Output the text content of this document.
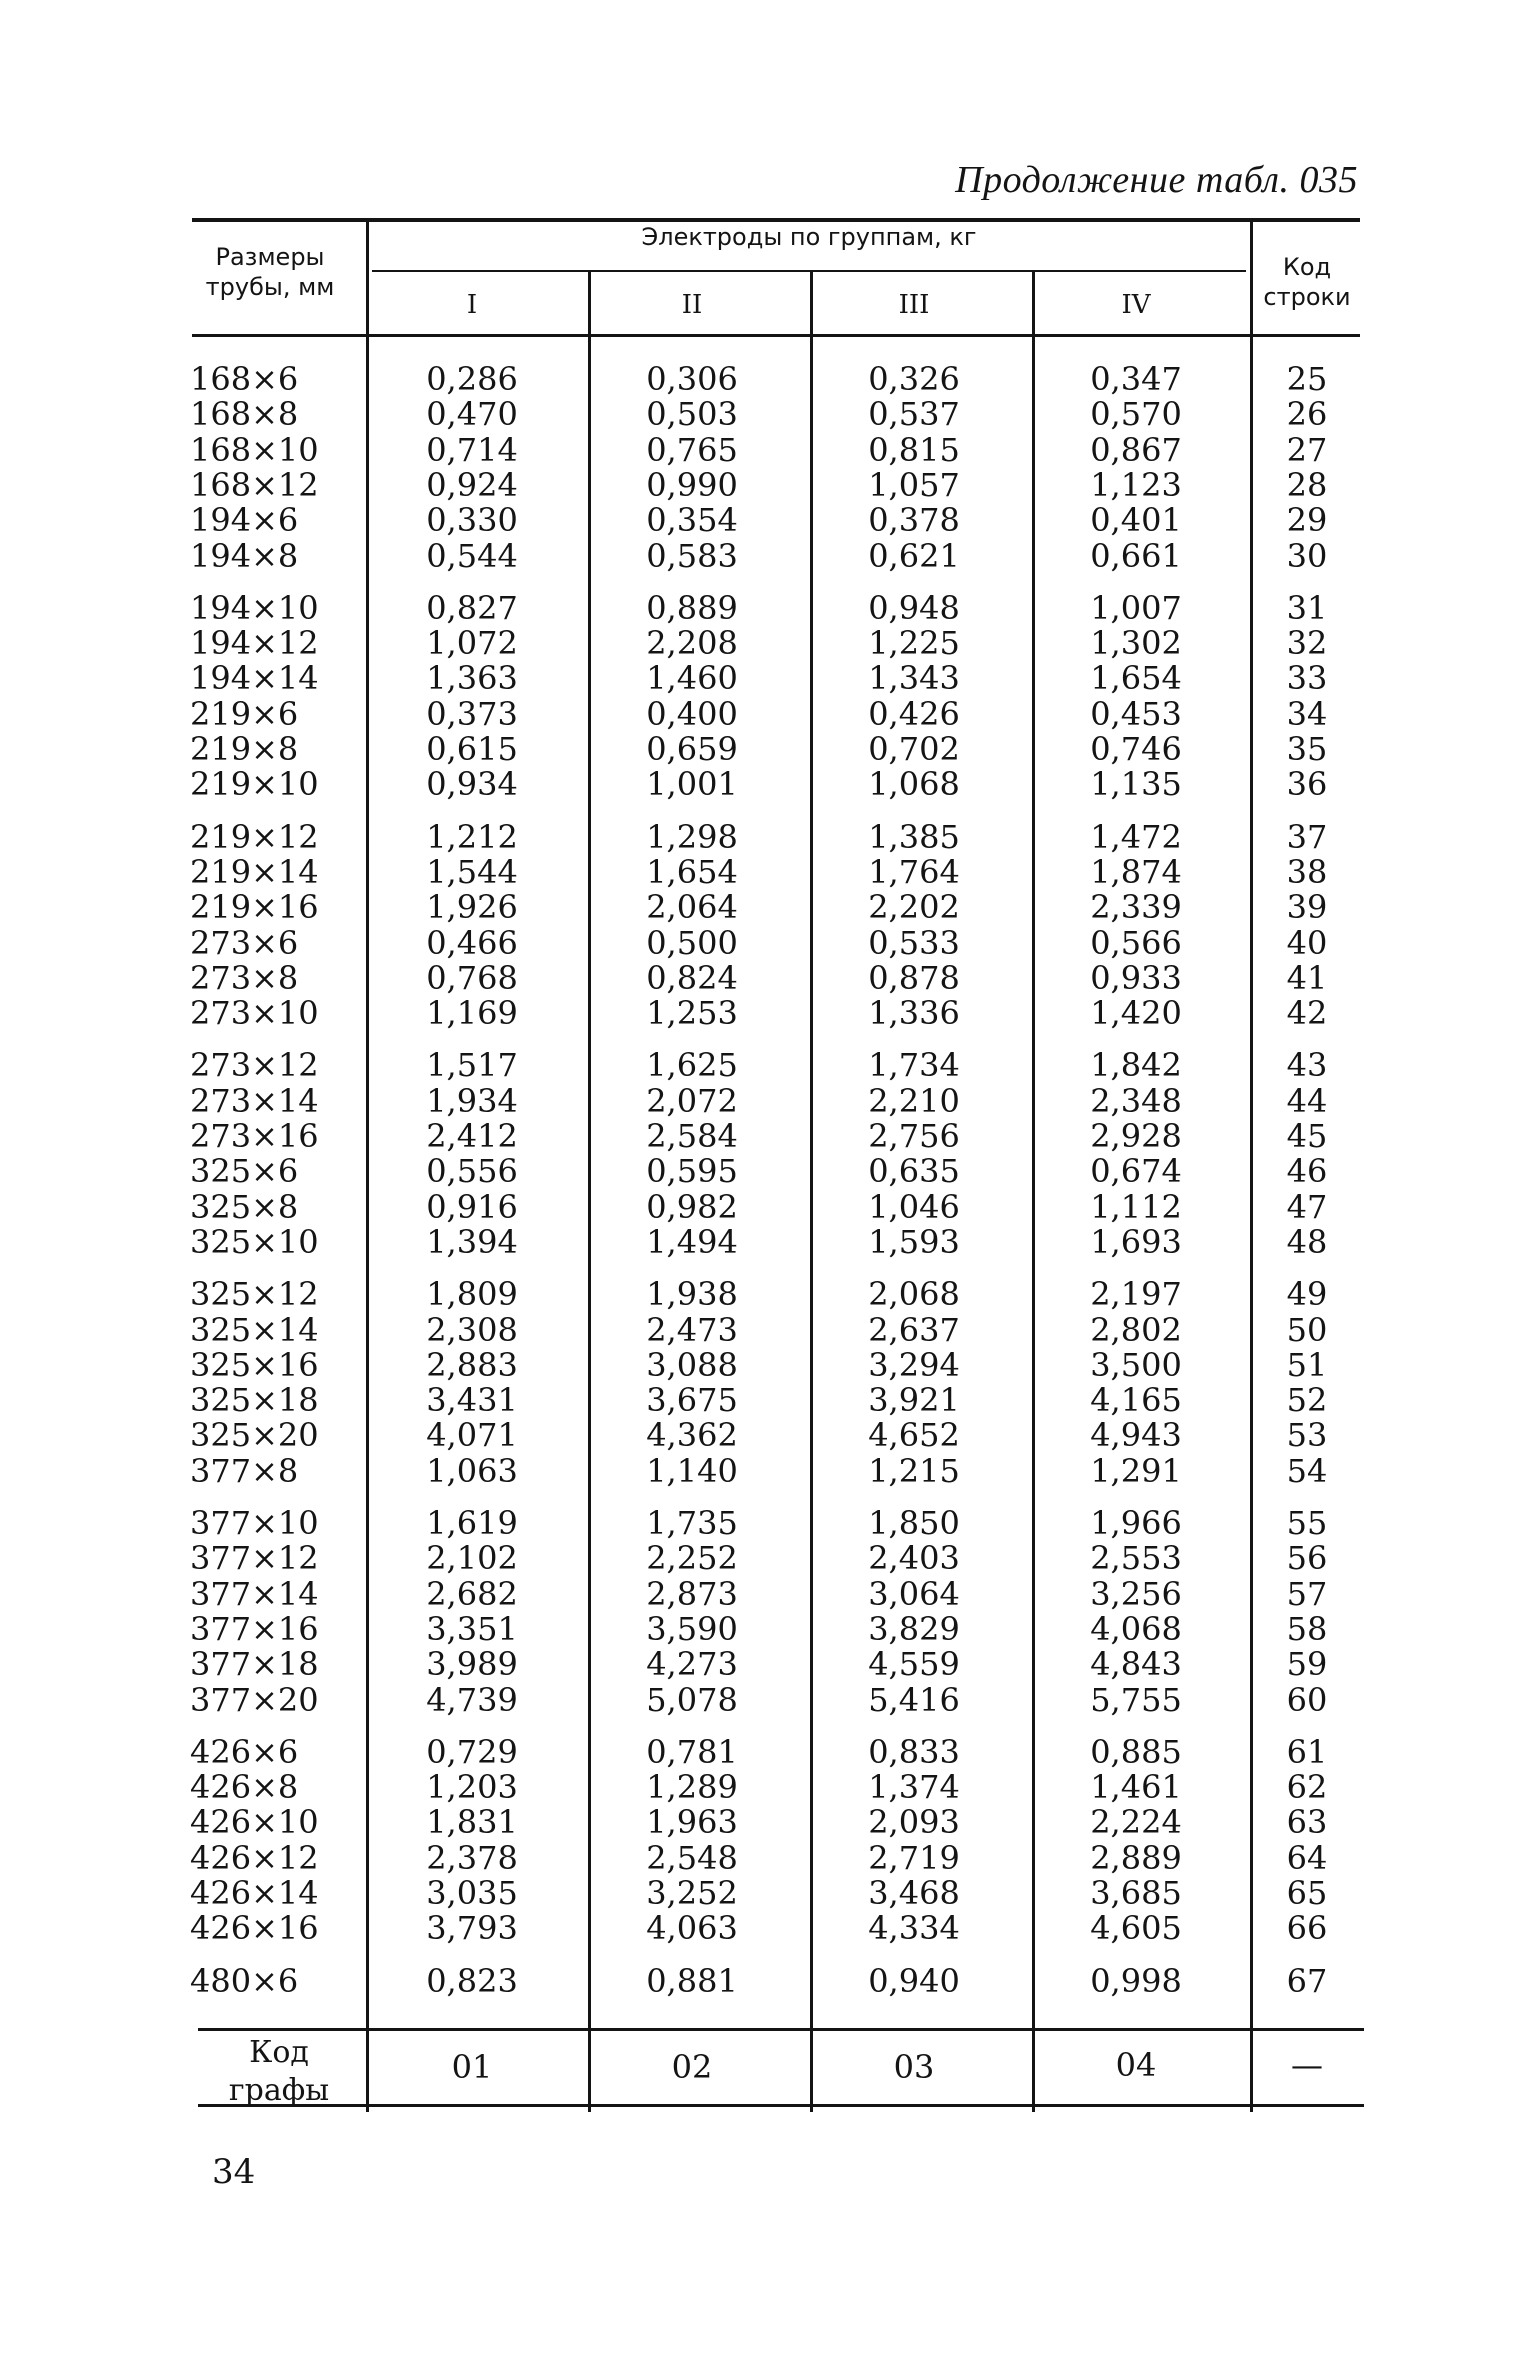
Продолжение табл. 035
Размеры трубы, мм
Электроды по группам, кг
I	II	III	IV
Код строки
168×6	0,286	0,306	0,326	0,347	25
168×8	0,470	0,503	0,537	0,570	26
168×10	0,714	0,765	0,815	0,867	27
168×12	0,924	0,990	1,057	1,123	28
194×6	0,330	0,354	0,378	0,401	29
194×8	0,544	0,583	0,621	0,661	30
194×10	0,827	0,889	0,948	1,007	31
194×12	1,072	2,208	1,225	1,302	32
194×14	1,363	1,460	1,343	1,654	33
219×6	0,373	0,400	0,426	0,453	34
219×8	0,615	0,659	0,702	0,746	35
219×10	0,934	1,001	1,068	1,135	36
219×12	1,212	1,298	1,385	1,472	37
219×14	1,544	1,654	1,764	1,874	38
219×16	1,926	2,064	2,202	2,339	39
273×6	0,466	0,500	0,533	0,566	40
273×8	0,768	0,824	0,878	0,933	41
273×10	1,169	1,253	1,336	1,420	42
273×12	1,517	1,625	1,734	1,842	43
273×14	1,934	2,072	2,210	2,348	44
273×16	2,412	2,584	2,756	2,928	45
325×6	0,556	0,595	0,635	0,674	46
325×8	0,916	0,982	1,046	1,112	47
325×10	1,394	1,494	1,593	1,693	48
325×12	1,809	1,938	2,068	2,197	49
325×14	2,308	2,473	2,637	2,802	50
325×16	2,883	3,088	3,294	3,500	51
325×18	3,431	3,675	3,921	4,165	52
325×20	4,071	4,362	4,652	4,943	53
377×8	1,063	1,140	1,215	1,291	54
377×10	1,619	1,735	1,850	1,966	55
377×12	2,102	2,252	2,403	2,553	56
377×14	2,682	2,873	3,064	3,256	57
377×16	3,351	3,590	3,829	4,068	58
377×18	3,989	4,273	4,559	4,843	59
377×20	4,739	5,078	5,416	5,755	60
426×6	0,729	0,781	0,833	0,885	61
426×8	1,203	1,289	1,374	1,461	62
426×10	1,831	1,963	2,093	2,224	63
426×12	2,378	2,548	2,719	2,889	64
426×14	3,035	3,252	3,468	3,685	65
426×16	3,793	4,063	4,334	4,605	66
480×6	0,823	0,881	0,940	0,998	67
Код графы
01	02	03	04	—
34
